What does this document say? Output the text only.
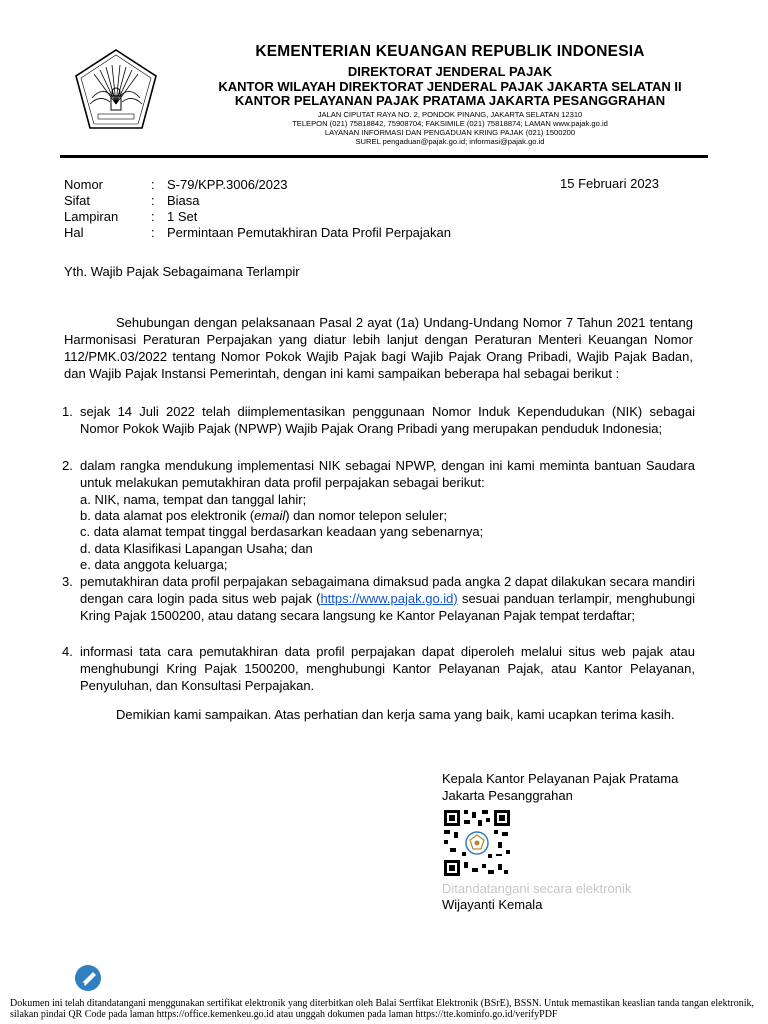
KEMENTERIAN KEUANGAN REPUBLIK INDONESIA
DIREKTORAT JENDERAL PAJAK
KANTOR WILAYAH DIREKTORAT JENDERAL PAJAK JAKARTA SELATAN II
KANTOR PELAYANAN PAJAK PRATAMA JAKARTA PESANGGRAHAN
JALAN CIPUTAT RAYA NO. 2, PONDOK PINANG, JAKARTA SELATAN 12310
TELEPON (021) 75818842, 75908704; FAKSIMILE (021) 75818874; LAMAN www.pajak.go.id
LAYANAN INFORMASI DAN PENGADUAN KRING PAJAK (021) 1500200
SUREL pengaduan@pajak.go.id; informasi@pajak.go.id
Nomor	: S-79/KPP.3006/2023
Sifat	: Biasa
Lampiran	: 1 Set
Hal	: Permintaan Pemutakhiran Data Profil Perpajakan
15 Februari 2023
Yth. Wajib Pajak Sebagaimana Terlampir
Sehubungan dengan pelaksanaan Pasal 2 ayat (1a) Undang-Undang Nomor 7 Tahun 2021 tentang Harmonisasi Peraturan Perpajakan yang diatur lebih lanjut dengan Peraturan Menteri Keuangan Nomor 112/PMK.03/2022 tentang Nomor Pokok Wajib Pajak bagi Wajib Pajak Orang Pribadi, Wajib Pajak Badan, dan Wajib Pajak Instansi Pemerintah, dengan ini kami sampaikan beberapa hal sebagai berikut :
1. sejak 14 Juli 2022 telah diimplementasikan penggunaan Nomor Induk Kependudukan (NIK) sebagai Nomor Pokok Wajib Pajak (NPWP) Wajib Pajak Orang Pribadi yang merupakan penduduk Indonesia;
2. dalam rangka mendukung implementasi NIK sebagai NPWP, dengan ini kami meminta bantuan Saudara untuk melakukan pemutakhiran data profil perpajakan sebagai berikut:
a. NIK, nama, tempat dan tanggal lahir;
b. data alamat pos elektronik (email) dan nomor telepon seluler;
c. data alamat tempat tinggal berdasarkan keadaan yang sebenarnya;
d. data Klasifikasi Lapangan Usaha; dan
e. data anggota keluarga;
3. pemutakhiran data profil perpajakan sebagaimana dimaksud pada angka 2 dapat dilakukan secara mandiri dengan cara login pada situs web pajak (https://www.pajak.go.id) sesuai panduan terlampir, menghubungi Kring Pajak 1500200, atau datang secara langsung ke Kantor Pelayanan Pajak tempat terdaftar;
4. informasi tata cara pemutakhiran data profil perpajakan dapat diperoleh melalui situs web pajak atau menghubungi Kring Pajak 1500200, menghubungi Kantor Pelayanan Pajak, atau Kantor Pelayanan, Penyuluhan, dan Konsultasi Perpajakan.
Demikian kami sampaikan. Atas perhatian dan kerja sama yang baik, kami ucapkan terima kasih.
Kepala Kantor Pelayanan Pajak Pratama
Jakarta Pesanggrahan
Ditandatangani secara elektronik
Wijayanti Kemala
Dokumen ini telah ditandatangani menggunakan sertifikat elektronik yang diterbitkan oleh Balai Sertfikat Elektronik (BSrE), BSSN. Untuk memastikan keaslian tanda tangan elektronik, silakan pindai QR Code pada laman https://office.kemenkeu.go.id atau unggah dokumen pada laman https://tte.kominfo.go.id/verifyPDF
